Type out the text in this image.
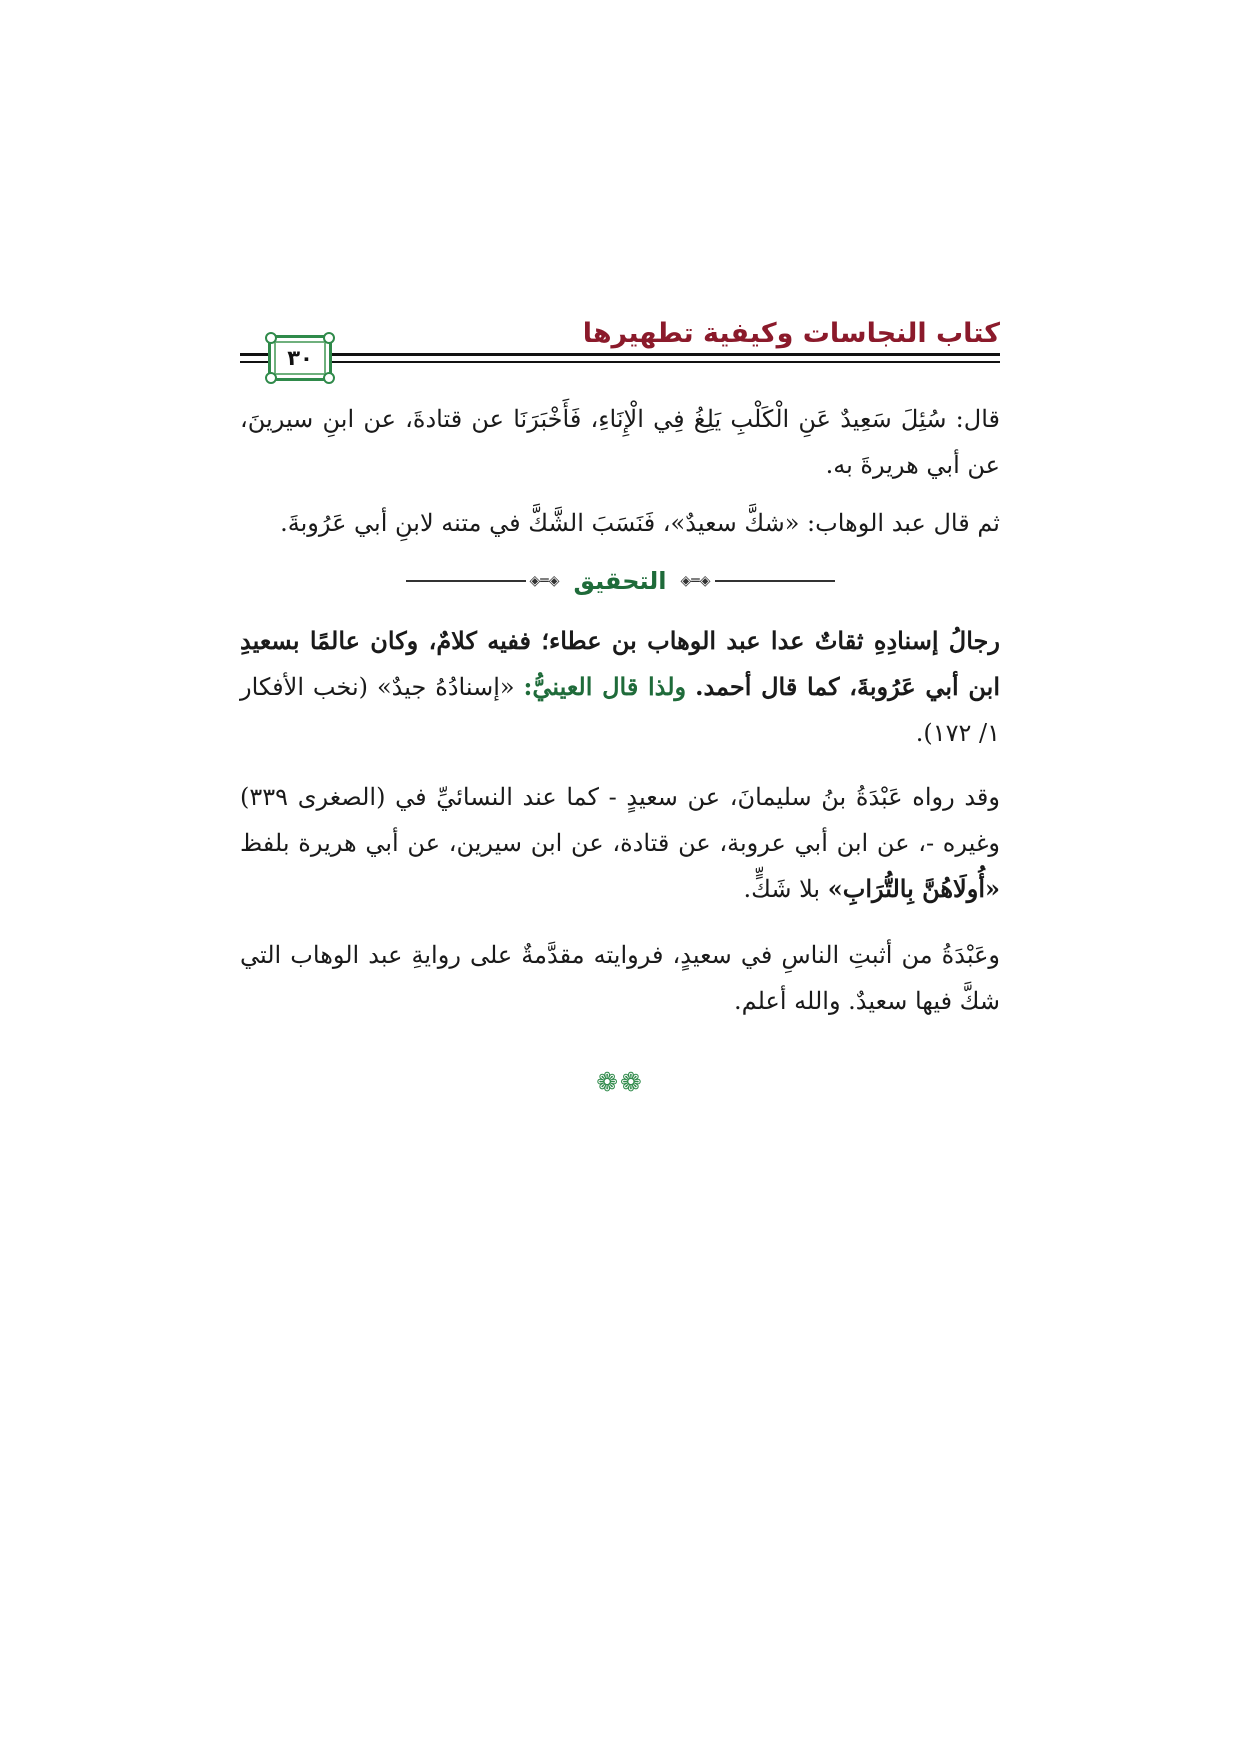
كتاب النجاسات وكيفية تطهيرها
٣٠

قال: سُئِلَ سَعِيدٌ عَنِ الْكَلْبِ يَلِغُ فِي الْإِنَاءِ، فَأَخْبَرَنَا عن قتادةَ، عن ابنِ سيرينَ، عن أبي هريرةَ به.

ثم قال عبد الوهاب: «شكَّ سعيدٌ»، فَنَسَبَ الشَّكَّ في متنه لابنِ أبي عَرُوبةَ.

◈═◈
التحقيق
◈═◈

رجالُ إسنادِهِ ثقاتٌ عدا عبد الوهاب بن عطاء؛ ففيه كلامٌ، وكان عالمًا بسعيدِ ابن أبي عَرُوبةَ، كما قال أحمد. ولذا قال العينيُّ: «إسنادُهُ جيدٌ» (نخب الأفكار ١/ ١٧٢).

وقد رواه عَبْدَةُ بنُ سليمانَ، عن سعيدٍ - كما عند النسائيِّ في (الصغرى ٣٣٩) وغيره -، عن ابن أبي عروبة، عن قتادة، عن ابن سيرين، عن أبي هريرة بلفظ «أُولَاهُنَّ بِالتُّرَابِ» بلا شَكٍّ.

وعَبْدَةُ من أثبتِ الناسِ في سعيدٍ، فروايته مقدَّمةٌ على روايةِ عبد الوهاب التي شكَّ فيها سعيدٌ. والله أعلم.

❁❁
